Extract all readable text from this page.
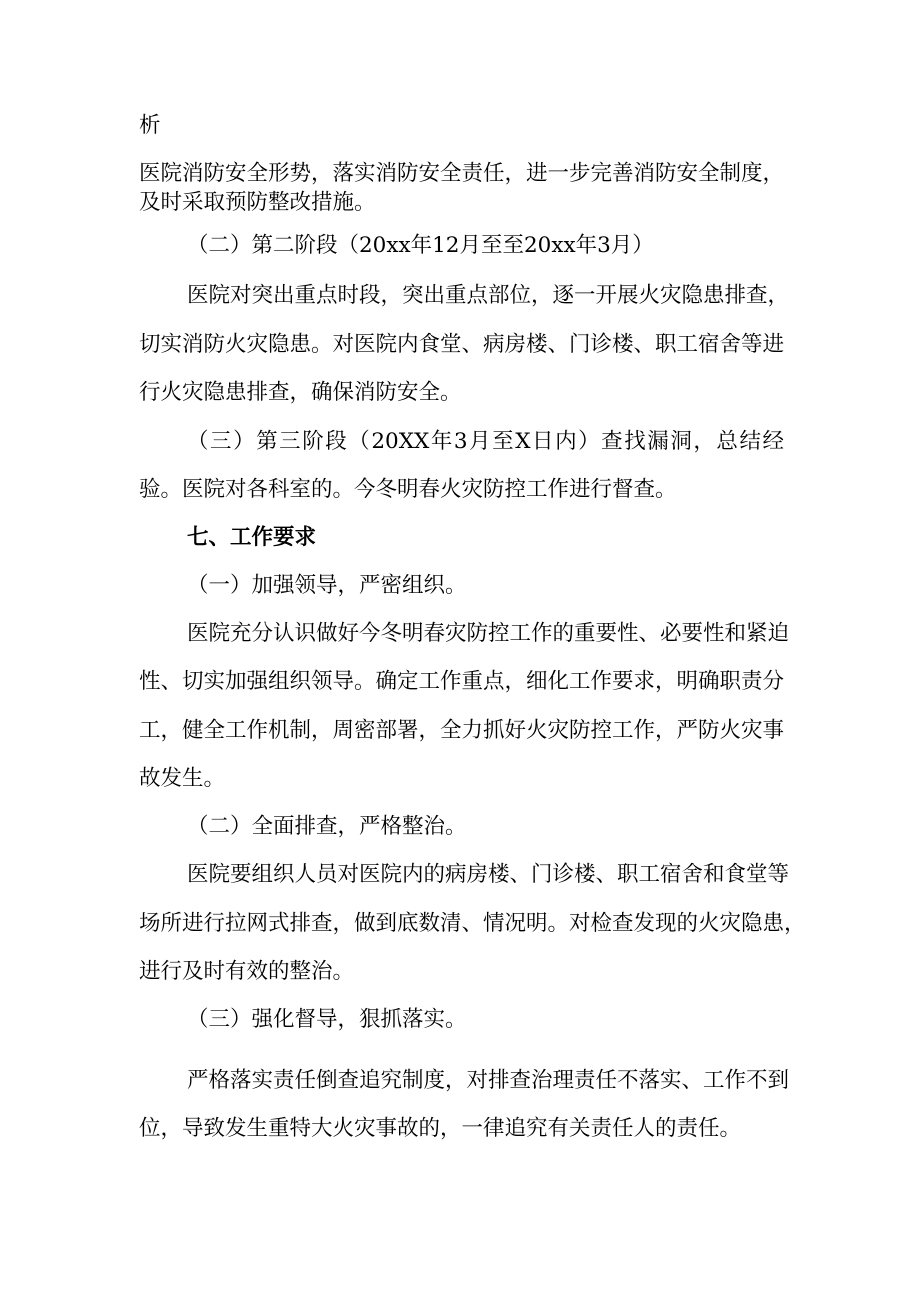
析
医院消防安全形势，落实消防安全责任，进一步完善消防安全制度，
及时采取预防整改措施。
（二）第二阶段（20xx年12月至至20xx年3月）
医院对突出重点时段，突出重点部位，逐一开展火灾隐患排查，
切实消防火灾隐患。对医院内食堂、病房楼、门诊楼、职工宿舍等进
行火灾隐患排查，确保消防安全。
（三）第三阶段（20XX年3月至X日内）查找漏洞，总结经
验。医院对各科室的。今冬明春火灾防控工作进行督查。
七、工作要求
（一）加强领导，严密组织。
医院充分认识做好今冬明春灾防控工作的重要性、必要性和紧迫
性、切实加强组织领导。确定工作重点，细化工作要求，明确职责分
工，健全工作机制，周密部署，全力抓好火灾防控工作，严防火灾事
故发生。
（二）全面排查，严格整治。
医院要组织人员对医院内的病房楼、门诊楼、职工宿舍和食堂等
场所进行拉网式排查，做到底数清、情况明。对检查发现的火灾隐患，
进行及时有效的整治。
（三）强化督导，狠抓落实。
严格落实责任倒查追究制度，对排查治理责任不落实、工作不到
位，导致发生重特大火灾事故的，一律追究有关责任人的责任。
